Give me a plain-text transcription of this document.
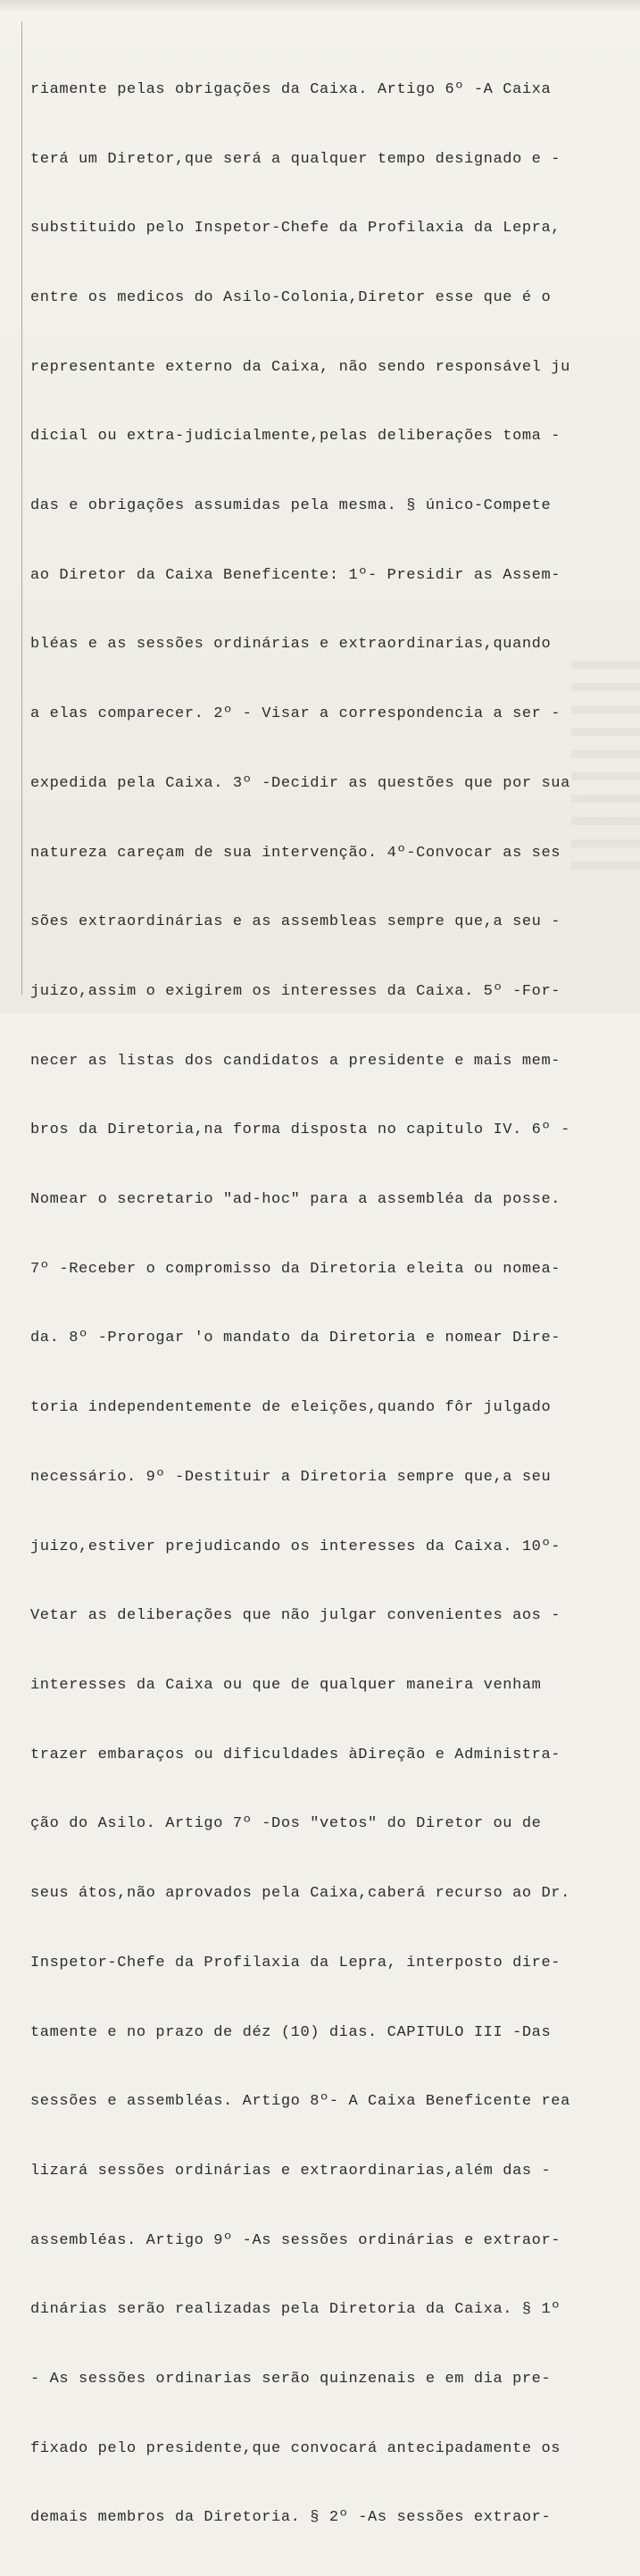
riamente pelas obrigações da Caixa. Artigo 6º -A Caixa

terá um Diretor,que será a qualquer tempo designado e -

substituido pelo Inspetor-Chefe da Profilaxia da Lepra,

entre os medicos do Asilo-Colonia,Diretor esse que é o

representante externo da Caixa, não sendo responsável ju

dicial ou extra-judicialmente,pelas deliberações toma -

das e obrigações assumidas pela mesma. § único-Compete

ao Diretor da Caixa Beneficente: 1º- Presidir as Assem-

bléas e as sessões ordinárias e extraordinarias,quando

a elas comparecer. 2º - Visar a correspondencia a ser -

expedida pela Caixa. 3º -Decidir as questões que por sua

natureza careçam de sua intervenção. 4º-Convocar as ses

sões extraordinárias e as assembleas sempre que,a seu -

juizo,assim o exigirem os interesses da Caixa. 5º -For-

necer as listas dos candidatos a presidente e mais mem-

bros da Diretoria,na forma disposta no capitulo IV. 6º -

Nomear o secretario "ad-hoc" para a assembléa da posse.

7º -Receber o compromisso da Diretoria eleita ou nomea-

da. 8º -Prorogar 'o mandato da Diretoria e nomear Dire-

toria independentemente de eleições,quando fôr julgado

necessário. 9º -Destituir a Diretoria sempre que,a seu

juizo,estiver prejudicando os interesses da Caixa. 10º-

Vetar as deliberações que não julgar convenientes aos -

interesses da Caixa ou que de qualquer maneira venham

trazer embaraços ou dificuldades àDireção e Administra-

ção do Asilo. Artigo 7º -Dos "vetos" do Diretor ou de

seus átos,não aprovados pela Caixa,caberá recurso ao Dr.

Inspetor-Chefe da Profilaxia da Lepra, interposto dire-

tamente e no prazo de déz (10) dias. CAPITULO III -Das

sessões e assembléas. Artigo 8º- A Caixa Beneficente rea

lizará sessões ordinárias e extraordinarias,além das -

assembléas. Artigo 9º -As sessões ordinárias e extraor-

dinárias serão realizadas pela Diretoria da Caixa. § 1º

- As sessões ordinarias serão quinzenais e em dia pre-

fixado pelo presidente,que convocará antecipadamente os

demais membros da Diretoria. § 2º -As sessões extraor-
